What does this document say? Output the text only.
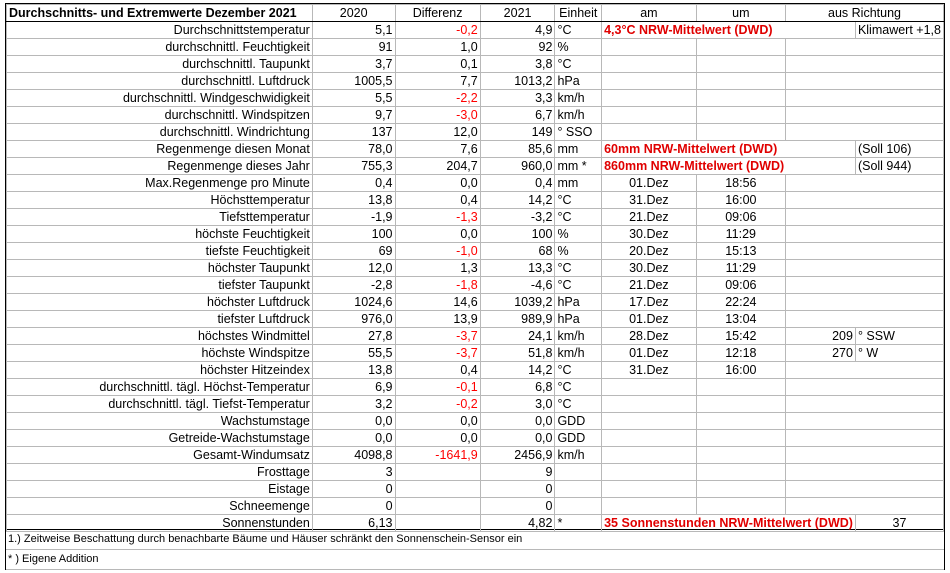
Durchschnitts- und Extremwerte Dezember 2021	2020	Differenz	2021	Einheit	am	um	aus Richtung	
Durchschnittstemperatur	5,1	-0,2	4,9	°C	4,3°C NRW-Mittelwert (DWD)			Klimawert +1,8
durchschnittl. Feuchtigkeit	91	1,0	92	%				
durchschnittl. Taupunkt	3,7	0,1	3,8	°C				
durchschnittl. Luftdruck	1005,5	7,7	1013,2	hPa				
durchschnittl. Windgeschwidigkeit	5,5	-2,2	3,3	km/h				
durchschnittl. Windspitzen	9,7	-3,0	6,7	km/h				
durchschnittl. Windrichtung	137	12,0	149	° SSO				
Regenmenge diesen Monat	78,0	7,6	85,6	mm	60mm NRW-Mittelwert (DWD)			(Soll 106)
Regenmenge dieses Jahr	755,3	204,7	960,0	mm *	860mm NRW-Mittelwert (DWD)			(Soll 944)
Max.Regenmenge pro Minute	0,4	0,0	0,4	mm	01.Dez	18:56		
Höchsttemperatur	13,8	0,4	14,2	°C	31.Dez	16:00		
Tiefsttemperatur	-1,9	-1,3	-3,2	°C	21.Dez	09:06		
höchste Feuchtigkeit	100	0,0	100	%	30.Dez	11:29		
tiefste Feuchtigkeit	69	-1,0	68	%	20.Dez	15:13		
höchster Taupunkt	12,0	1,3	13,3	°C	30.Dez	11:29		
tiefster Taupunkt	-2,8	-1,8	-4,6	°C	21.Dez	09:06		
höchster Luftdruck	1024,6	14,6	1039,2	hPa	17.Dez	22:24		
tiefster Luftdruck	976,0	13,9	989,9	hPa	01.Dez	13:04		
höchstes Windmittel	27,8	-3,7	24,1	km/h	28.Dez	15:42	209	° SSW
höchste Windspitze	55,5	-3,7	51,8	km/h	01.Dez	12:18	270	° W
höchster Hitzeindex	13,8	0,4	14,2	°C	31.Dez	16:00		
durchschnittl. tägl. Höchst-Temperatur	6,9	-0,1	6,8	°C				
durchschnittl. tägl. Tiefst-Temperatur	3,2	-0,2	3,0	°C				
Wachstumstage	0,0	0,0	0,0	GDD				
Getreide-Wachstumstage	0,0	0,0	0,0	GDD				
Gesamt-Windumsatz	4098,8	-1641,9	2456,9	km/h				
Frosttage	3		9					
Eistage	0		0					
Schneemenge	0		0					
Sonnenstunden	6,13		4,82	*	35 Sonnenstunden NRW-Mittelwert (DWD)			37
1.) Zeitweise Beschattung durch benachbarte Bäume und Häuser schränkt den Sonnenschein-Sensor ein
* ) Eigene Addition
